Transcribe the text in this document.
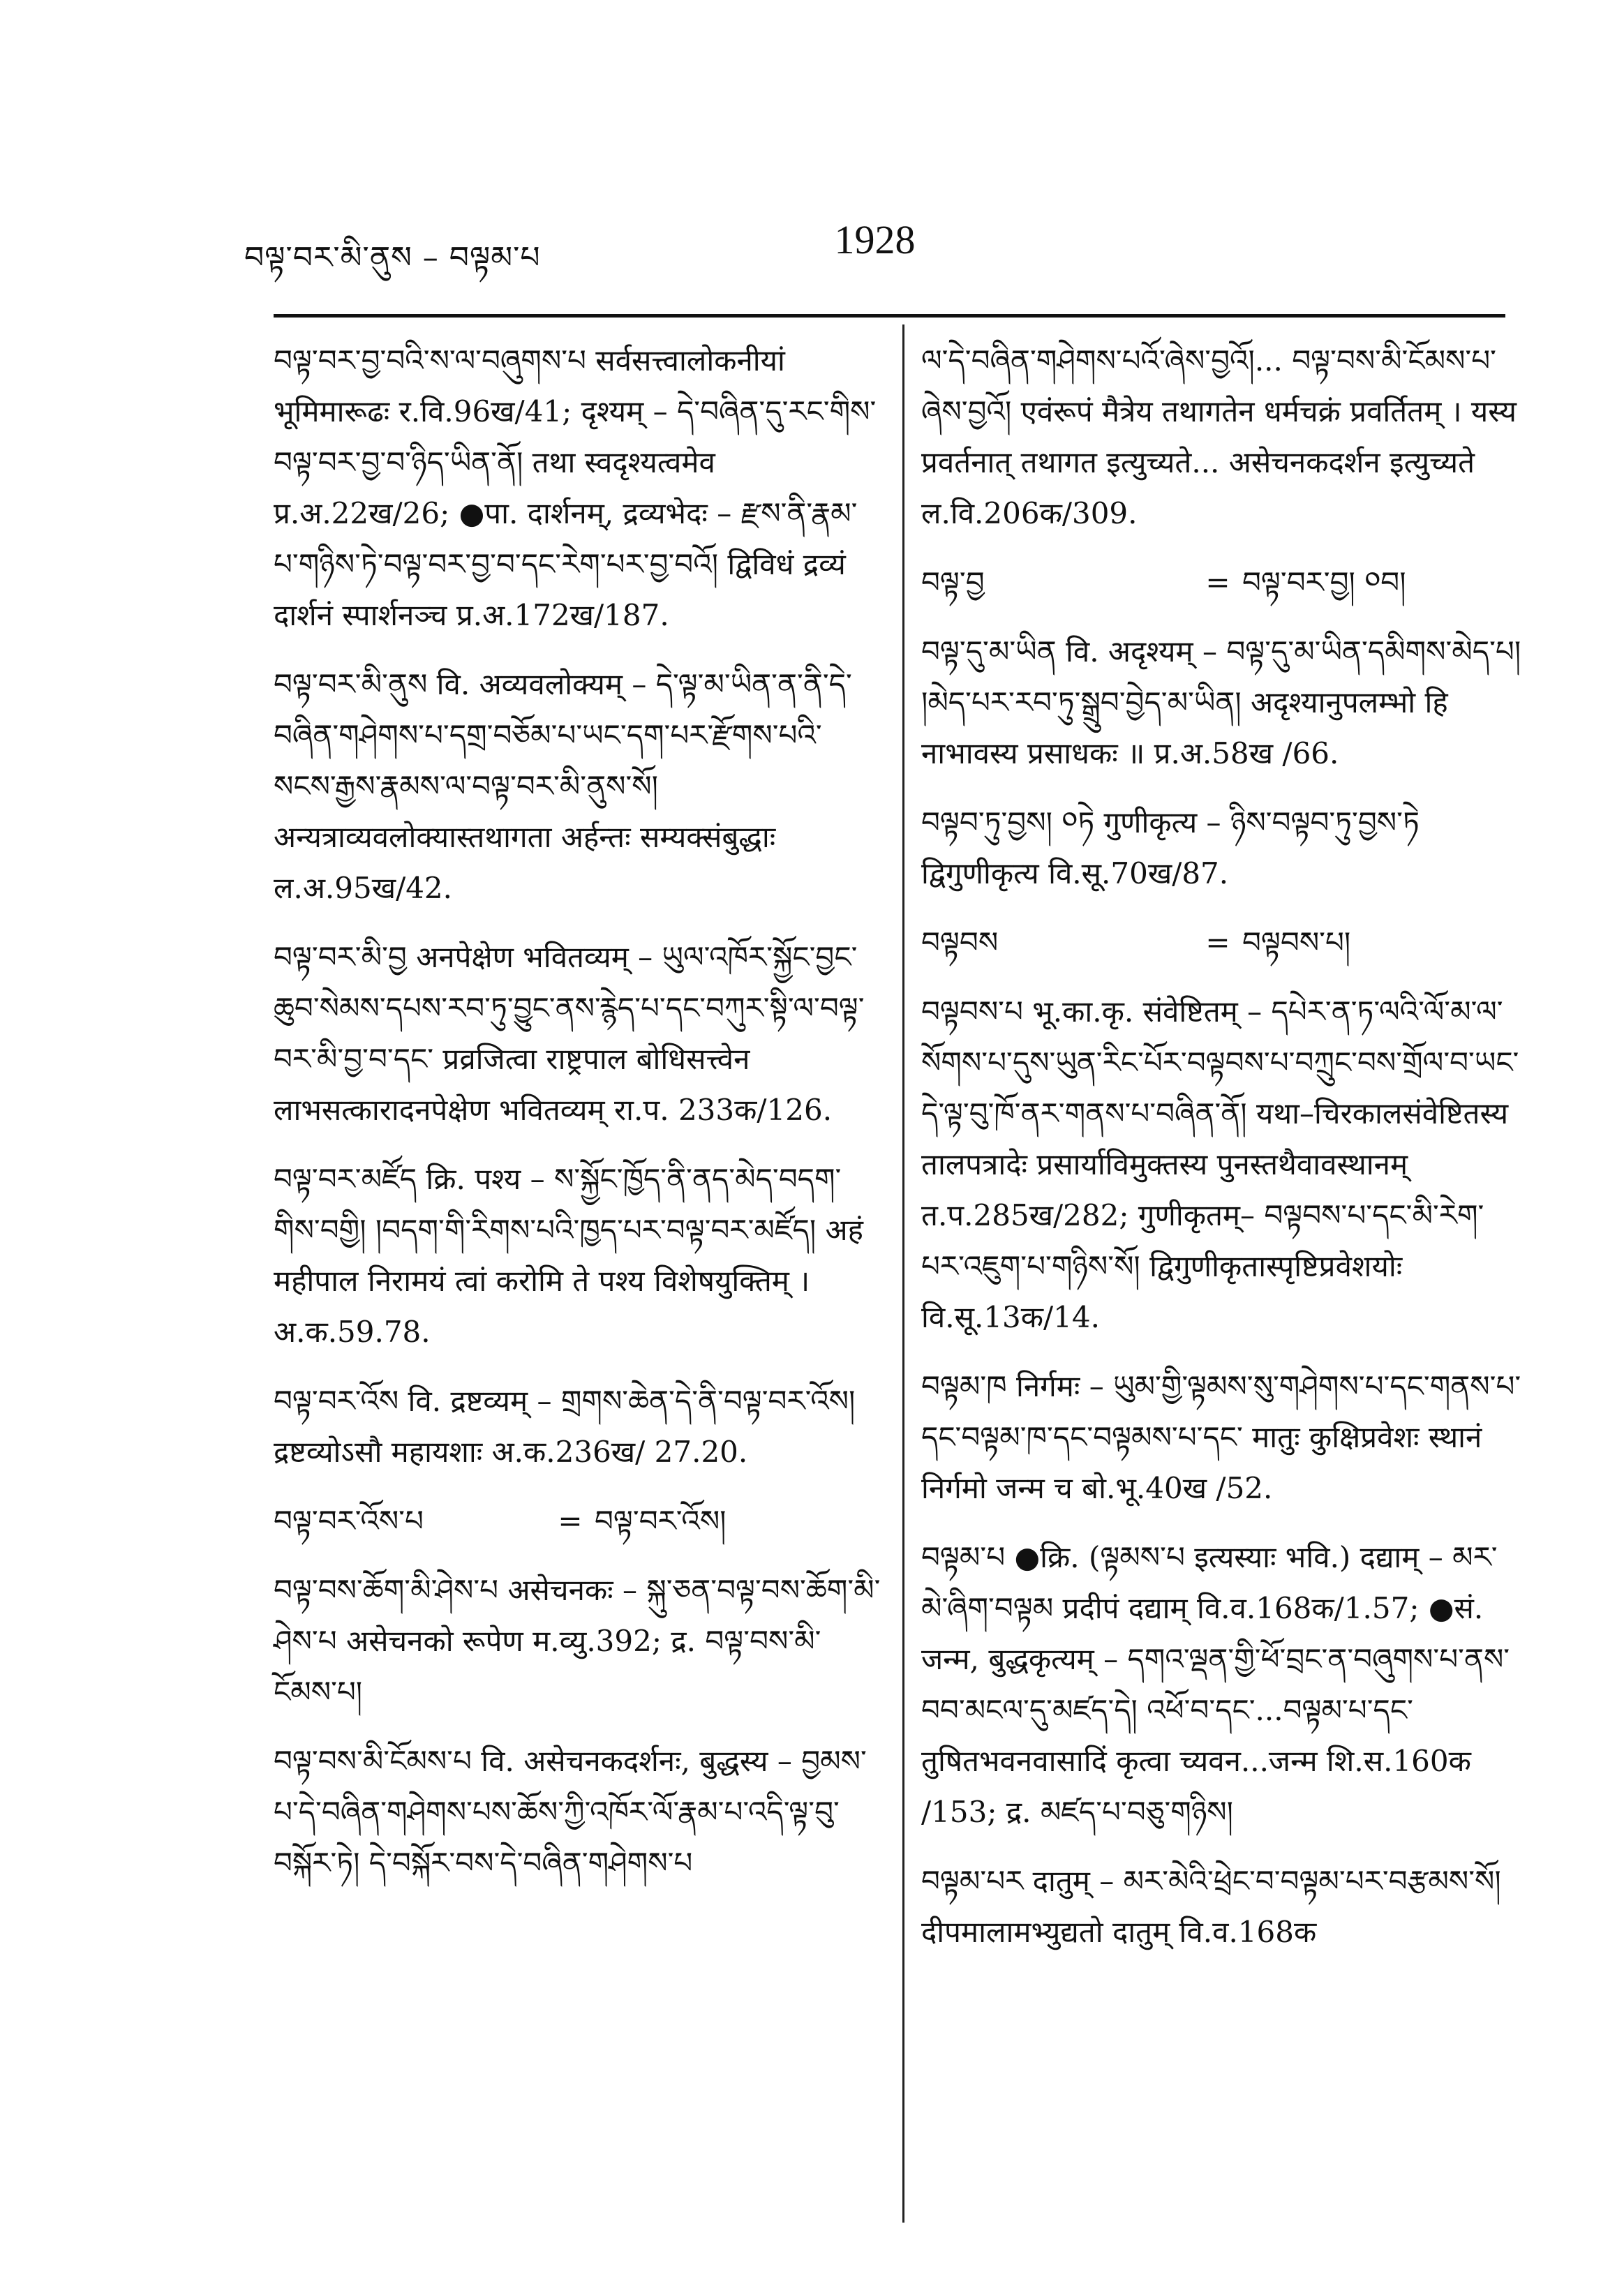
བལྟ་བར་མི་ནུས – བལྟམ་པ	1928
བལྟ་བར་བྱ་བའི་ས་ལ་བཞུགས་པ सर्वसत्त्वालोकनीयां भूमिमारूढः र.वि.96ख/41; दृश्यम् – དེ་བཞིན་དུ་རང་གིས་བལྟ་བར་བྱ་བ་ཉིད་ཡིན་ནོ། तथा स्वदृश्यत्वमेव प्र.अ.22ख/26; ●पा. दार्शनम्, द्रव्यभेदः – རྫས་ནི་རྣམ་པ་གཉིས་ཏེ་བལྟ་བར་བྱ་བ་དང་རེག་པར་བྱ་བའོ། द्विविधं द्रव्यं दार्शनं स्पार्शनञ्च प्र.अ.172ख/187.
བལྟ་བར་མི་ནུས वि. अव्यवलोक्यम् – དེ་ལྟ་མ་ཡིན་ན་ནི་དེ་བཞིན་གཤེགས་པ་དགྲ་བཅོམ་པ་ཡང་དག་པར་རྫོགས་པའི་སངས་རྒྱས་རྣམས་ལ་བལྟ་བར་མི་ནུས་སོ། अन्यत्राव्यवलोक्यास्तथागता अर्हन्तः सम्यक्संबुद्धाः ल.अ.95ख/42.
བལྟ་བར་མི་བྱ अनपेक्षेण भवितव्यम् – ཡུལ་འཁོར་སྐྱོང་བྱང་ཆུབ་སེམས་དཔས་རབ་ཏུ་བྱུང་ནས་རྙེད་པ་དང་བཀུར་སྟི་ལ་བལྟ་བར་མི་བྱ་བ་དང་ प्रव्रजित्वा राष्ट्रपाल बोधिसत्त्वेन लाभसत्कारादनपेक्षेण भवितव्यम् रा.प. 233क/126.
བལྟ་བར་མཛོད क्रि. पश्य – ས་སྐྱོང་ཁྱོད་ནི་ནད་མེད་བདག་གིས་བགྱི། །བདག་གི་རིགས་པའི་ཁྱད་པར་བལྟ་བར་མཛོད། अहं महीपाल निरामयं त्वां करोमि ते पश्य विशेषयुक्तिम् । अ.क.59.78.
བལྟ་བར་འོས वि. द्रष्टव्यम् – གྲགས་ཆེན་དེ་ནི་བལྟ་བར་འོས། द्रष्टव्योऽसौ महायशाः अ.क.236ख/ 27.20.
བལྟ་བར་འོས་པ	= བལྟ་བར་འོས།
བལྟ་བས་ཆོག་མི་ཤེས་པ असेचनकः – སྐུ་ཅན་བལྟ་བས་ཆོག་མི་ཤེས་པ असेचनको रूपेण म.व्यु.392; द्र. བལྟ་བས་མི་ངོམས་པ།
བལྟ་བས་མི་ངོམས་པ वि. असेचनकदर्शनः, बुद्धस्य – བྱམས་པ་དེ་བཞིན་གཤེགས་པས་ཆོས་ཀྱི་འཁོར་ལོ་རྣམ་པ་འདི་ལྟ་བུ་བསྐོར་ཏེ། དེ་བསྐོར་བས་དེ་བཞིན་གཤེགས་པ
ལ་དེ་བཞིན་གཤེགས་པའོ་ཞེས་བྱའོ།... བལྟ་བས་མི་ངོམས་པ་ཞེས་བྱའོ། एवंरूपं मैत्रेय तथागतेन धर्मचक्रं प्रवर्तितम् । यस्य प्रवर्तनात् तथागत इत्युच्यते... असेचनकदर्शन इत्युच्यते ल.वि.206क/309.
བལྟ་བྱ	= བལྟ་བར་བྱ། ༠བ།
བལྟ་དུ་མ་ཡིན वि. अदृश्यम् – བལྟ་དུ་མ་ཡིན་དམིགས་མེད་པ། །མེད་པར་རབ་ཏུ་སྒྲུབ་བྱེད་མ་ཡིན། अदृश्यानुपलम्भो हि नाभावस्य प्रसाधकः ॥ प्र.अ.58ख /66.
བལྟབ་ཏུ་བྱས། ༠ཏེ गुणीकृत्य – ཉིས་བལྟབ་ཏུ་བྱས་ཏེ द्विगुणीकृत्य वि.सू.70ख/87.
བལྟབས	= བལྟབས་པ།
བལྟབས་པ भू.का.कृ. संवेष्टितम् – དཔེར་ན་ཏ་ལའི་ལོ་མ་ལ་སོགས་པ་དུས་ཡུན་རིང་པོར་བལྟབས་པ་བཀྲུང་བས་གྲོལ་བ་ཡང་དེ་ལྟ་བུ་ཁོ་ནར་གནས་པ་བཞིན་ནོ། यथा–चिरकालसंवेष्टितस्य तालपत्रादेः प्रसार्याविमुक्तस्य पुनस्तथैवावस्थानम् त.प.285ख/282; गुणीकृतम्– བལྟབས་པ་དང་མི་རེག་པར་འཇུག་པ་གཉིས་སོ། द्विगुणीकृतास्पृष्टिप्रवेशयोः वि.सू.13क/14.
བལྟམ་ཁ निर्गमः – ཡུམ་གྱི་ལྟམས་སུ་གཤེགས་པ་དང་གནས་པ་དང་བལྟམ་ཁ་དང་བལྟམས་པ་དང་ मातुः कुक्षिप्रवेशः स्थानं निर्गमो जन्म च बो.भू.40ख /52.
བལྟམ་པ ●क्रि. (ལྟམས་པ इत्यस्याः भवि.) दद्याम् – མར་མེ་ཞིག་བལྟམ प्रदीपं दद्याम् वि.व.168क/1.57; ●सं. जन्म, बुद्धकृत्यम् – དགའ་ལྡན་གྱི་ཕོ་བྲང་ན་བཞུགས་པ་ནས་བབ་མངལ་དུ་མཛད་དེ། འཕོ་བ་དང་...བལྟམ་པ་དང་ तुषितभवनवासादिं कृत्वा च्यवन...जन्म शि.स.160क /153; द्र. མཛད་པ་བཅུ་གཉིས།
བལྟམ་པར दातुम् – མར་མེའི་ཕྲེང་བ་བལྟམ་པར་བརྩམས་སོ། दीपमालामभ्युद्यतो दातुम् वि.व.168क
